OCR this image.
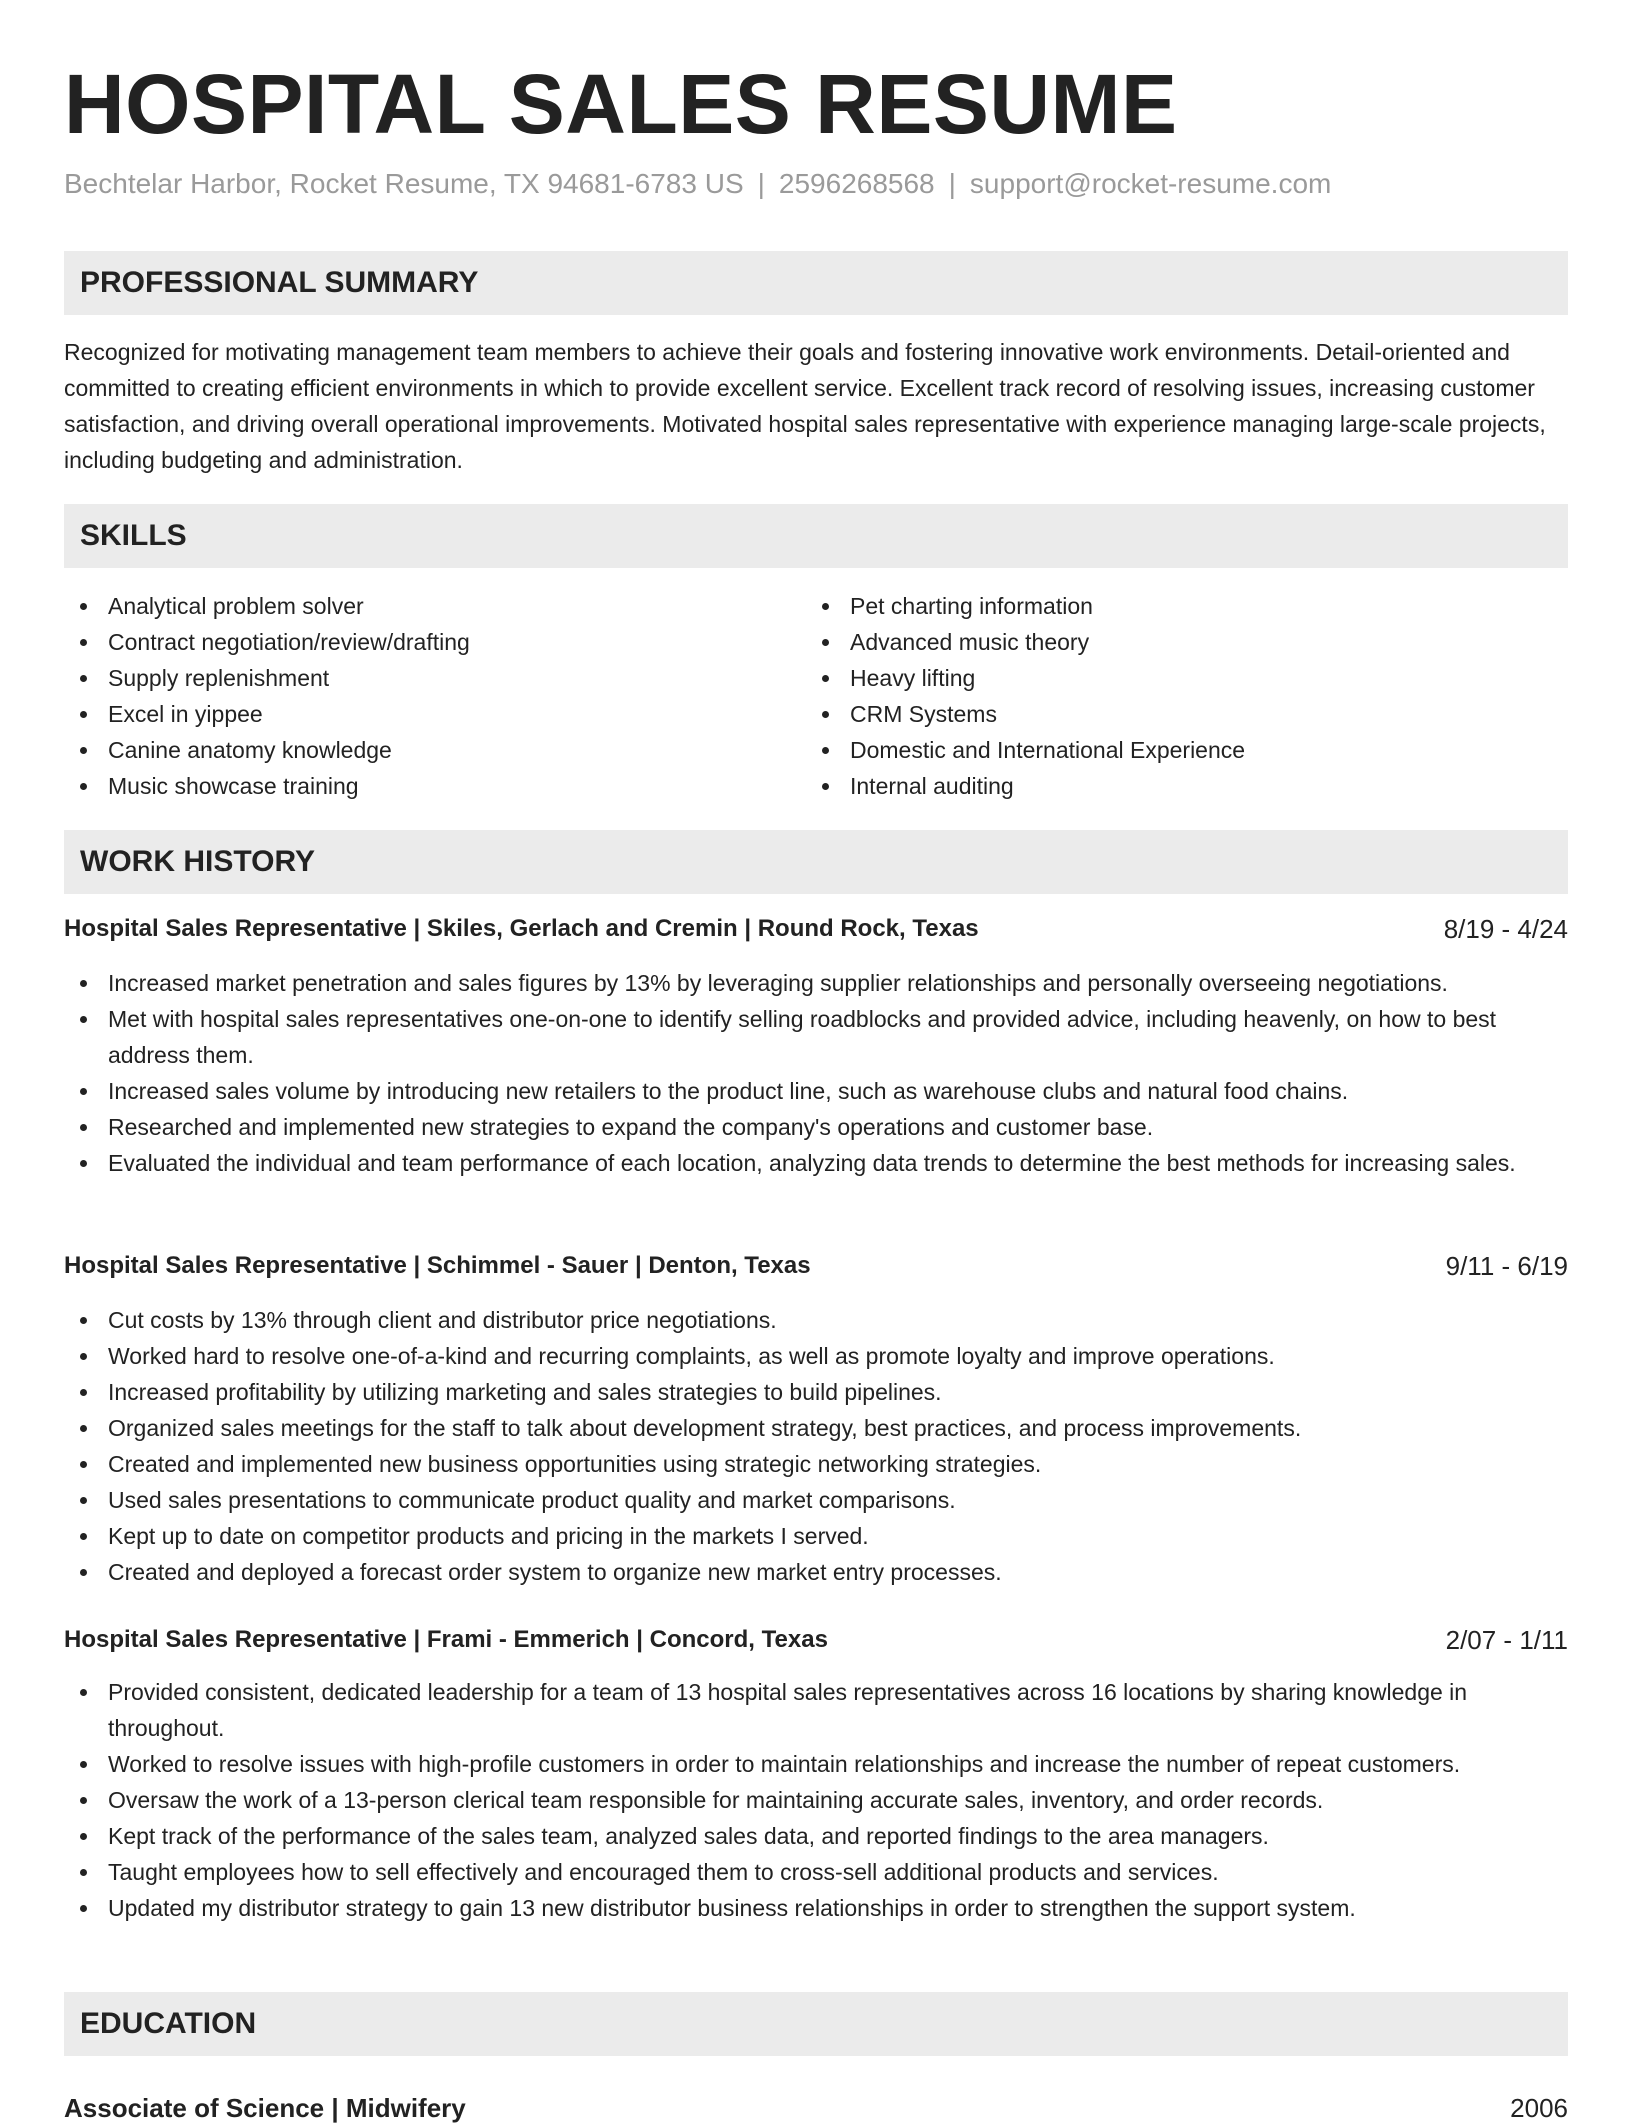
HOSPITAL SALES RESUME
Bechtelar Harbor, Rocket Resume, TX 94681-6783 US | 2596268568 | support@rocket-resume.com
PROFESSIONAL SUMMARY
Recognized for motivating management team members to achieve their goals and fostering innovative work environments. Detail-oriented and committed to creating efficient environments in which to provide excellent service. Excellent track record of resolving issues, increasing customer satisfaction, and driving overall operational improvements. Motivated hospital sales representative with experience managing large-scale projects, including budgeting and administration.
SKILLS
Analytical problem solver
Contract negotiation/review/drafting
Supply replenishment
Excel in yippee
Canine anatomy knowledge
Music showcase training
Pet charting information
Advanced music theory
Heavy lifting
CRM Systems
Domestic and International Experience
Internal auditing
WORK HISTORY
Hospital Sales Representative | Skiles, Gerlach and Cremin | Round Rock, Texas	8/19 - 4/24
Increased market penetration and sales figures by 13% by leveraging supplier relationships and personally overseeing negotiations.
Met with hospital sales representatives one-on-one to identify selling roadblocks and provided advice, including heavenly, on how to best address them.
Increased sales volume by introducing new retailers to the product line, such as warehouse clubs and natural food chains.
Researched and implemented new strategies to expand the company's operations and customer base.
Evaluated the individual and team performance of each location, analyzing data trends to determine the best methods for increasing sales.
Hospital Sales Representative | Schimmel - Sauer | Denton, Texas	9/11 - 6/19
Cut costs by 13% through client and distributor price negotiations.
Worked hard to resolve one-of-a-kind and recurring complaints, as well as promote loyalty and improve operations.
Increased profitability by utilizing marketing and sales strategies to build pipelines.
Organized sales meetings for the staff to talk about development strategy, best practices, and process improvements.
Created and implemented new business opportunities using strategic networking strategies.
Used sales presentations to communicate product quality and market comparisons.
Kept up to date on competitor products and pricing in the markets I served.
Created and deployed a forecast order system to organize new market entry processes.
Hospital Sales Representative | Frami - Emmerich | Concord, Texas	2/07 - 1/11
Provided consistent, dedicated leadership for a team of 13 hospital sales representatives across 16 locations by sharing knowledge in throughout.
Worked to resolve issues with high-profile customers in order to maintain relationships and increase the number of repeat customers.
Oversaw the work of a 13-person clerical team responsible for maintaining accurate sales, inventory, and order records.
Kept track of the performance of the sales team, analyzed sales data, and reported findings to the area managers.
Taught employees how to sell effectively and encouraged them to cross-sell additional products and services.
Updated my distributor strategy to gain 13 new distributor business relationships in order to strengthen the support system.
EDUCATION
Associate of Science | Midwifery	2006
